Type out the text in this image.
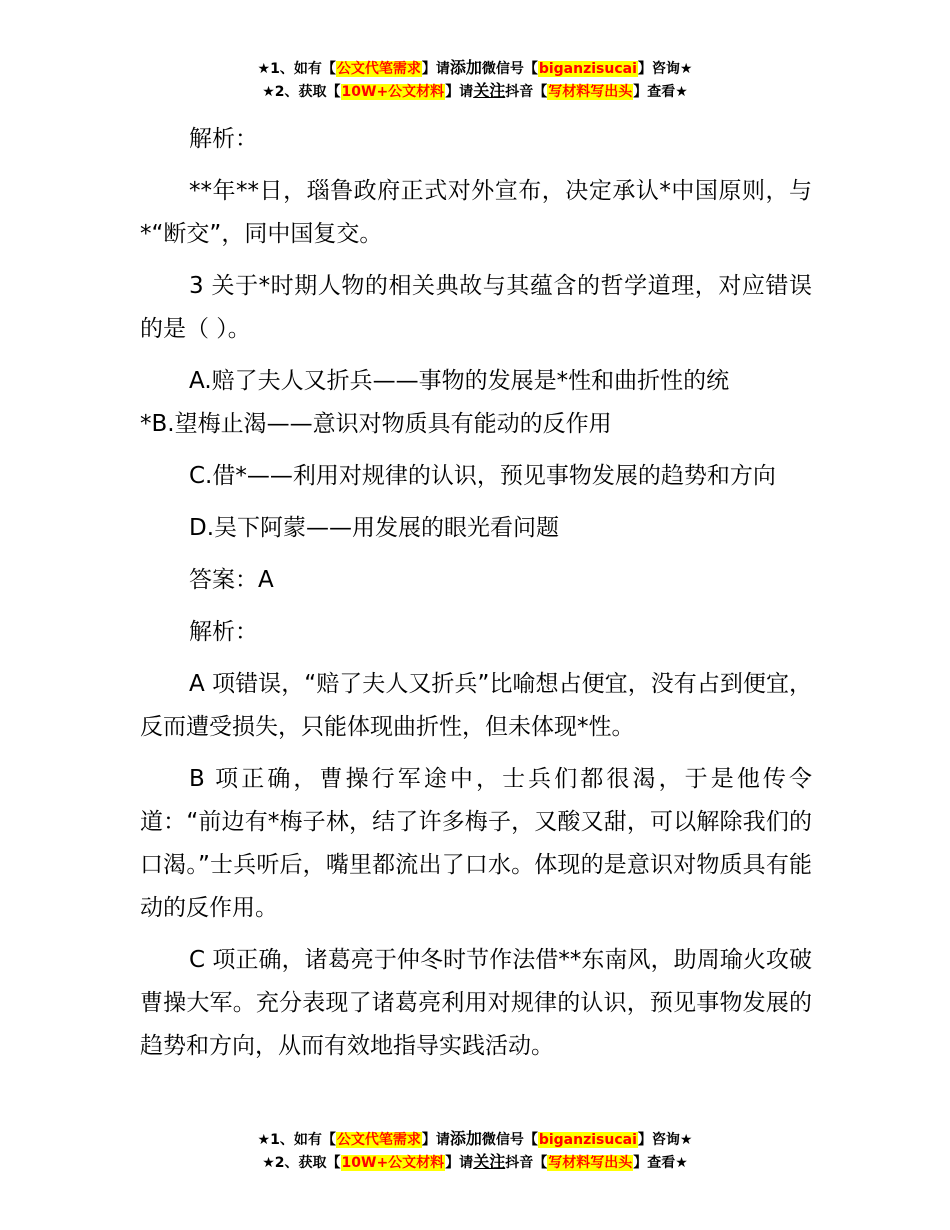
★1、如有【公文代笔需求】请添加微信号【biganzisucai】咨询★
★2、获取【10W+公文材料】请关注抖音【写材料写出头】查看★

解析：

**年**日，瑙鲁政府正式对外宣布，决定承认*中国原则，与*“断交”，同中国复交。

3 关于*时期人物的相关典故与其蕴含的哲学道理，对应错误的是（ ）。

A.赔了夫人又折兵——事物的发展是*性和曲折性的统
*B.望梅止渴——意识对物质具有能动的反作用

C.借*——利用对规律的认识，预见事物发展的趋势和方向

D.吴下阿蒙——用发展的眼光看问题

答案：A

解析：

A 项错误，“赔了夫人又折兵”比喻想占便宜，没有占到便宜，反而遭受损失，只能体现曲折性，但未体现*性。

B 项正确，曹操行军途中，士兵们都很渴，于是他传令道：“前边有*梅子林，结了许多梅子，又酸又甜，可以解除我们的口渴。”士兵听后，嘴里都流出了口水。体现的是意识对物质具有能动的反作用。

C 项正确，诸葛亮于仲冬时节作法借**东南风，助周瑜火攻破曹操大军。充分表现了诸葛亮利用对规律的认识，预见事物发展的趋势和方向，从而有效地指导实践活动。

★1、如有【公文代笔需求】请添加微信号【biganzisucai】咨询★
★2、获取【10W+公文材料】请关注抖音【写材料写出头】查看★
